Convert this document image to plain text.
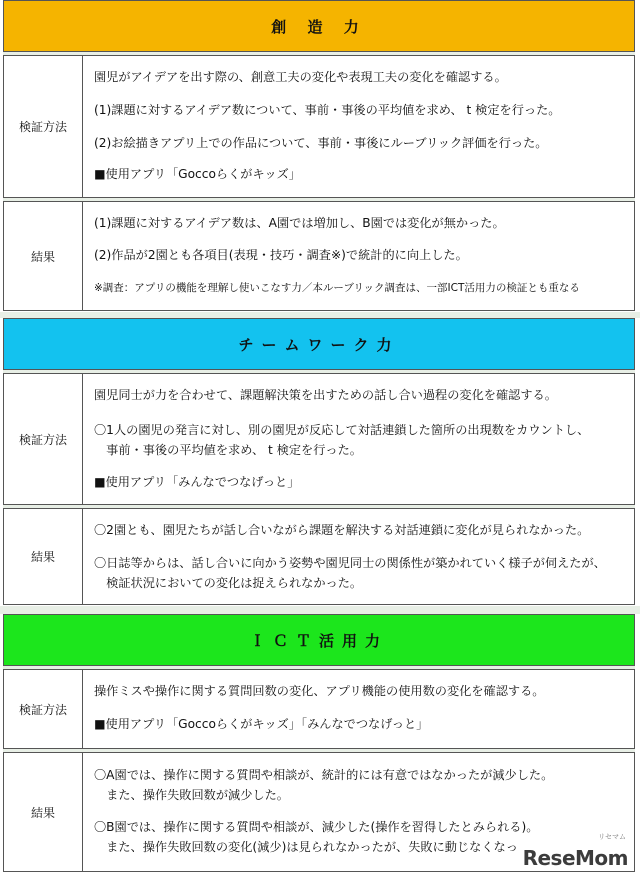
創 造 力
検証方法
園児がアイデアを出す際の、創意工夫の変化や表現工夫の変化を確認する。
(1)課題に対するアイデア数について、事前・事後の平均値を求め、 t 検定を行った。
(2)お絵描きアプリ上での作品について、事前・事後にルーブリック評価を行った。
■使用アプリ「Goccoらくがキッズ」
結果
(1)課題に対するアイデア数は、A園では増加し、B園では変化が無かった。
(2)作品が2園とも各項目(表現・技巧・調査※)で統計的に向上した。
※調査：アプリの機能を理解し使いこなす力／本ルーブリック調査は、一部ICT活用力の検証とも重なる
チームワーク力
検証方法
園児同士が力を合わせて、課題解決策を出すための話し合い過程の変化を確認する。
〇1人の園児の発言に対し、別の園児が反応して対話連鎖した箇所の出現数をカウントし、
　事前・事後の平均値を求め、 t 検定を行った。
■使用アプリ「みんなでつなげっと」
結果
〇2園とも、園児たちが話し合いながら課題を解決する対話連鎖に変化が見られなかった。
〇日誌等からは、話し合いに向かう姿勢や園児同士の関係性が築かれていく様子が伺えたが、
　検証状況においての変化は捉えられなかった。
ＩＣＴ活用力
検証方法
操作ミスや操作に関する質問回数の変化、アプリ機能の使用数の変化を確認する。
■使用アプリ「Goccoらくがキッズ」「みんなでつなげっと」
結果
〇A園では、操作に関する質問や相談が、統計的には有意ではなかったが減少した。
　また、操作失敗回数が減少した。
〇B園では、操作に関する質問や相談が、減少した(操作を習得したとみられる)。
　また、操作失敗回数の変化(減少)は見られなかったが、失敗に動じなくなっ
リセマム
ReseMom
